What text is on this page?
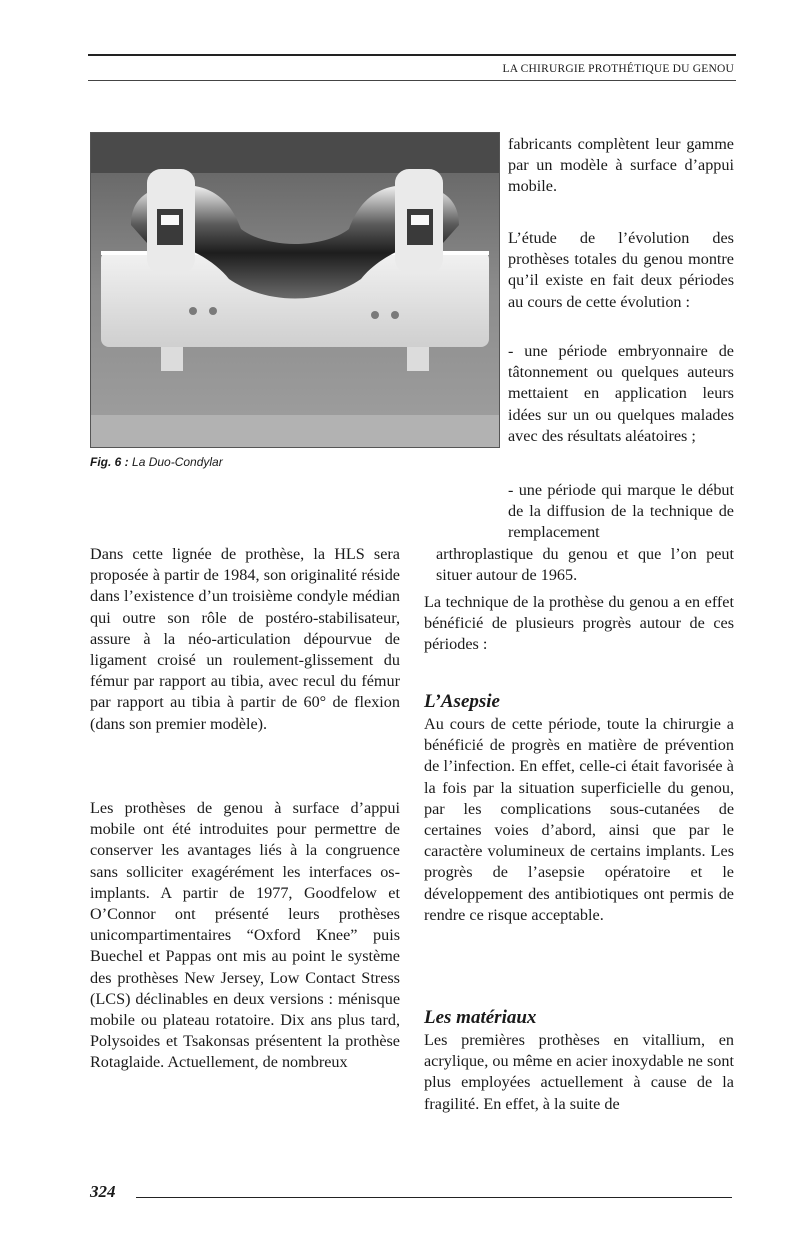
LA CHIRURGIE PROTHÉTIQUE DU GENOU
Fig. 6 : La Duo-Condylar

fabricants complètent leur gamme par un modèle à surface d’appui mobile.

L’étude de l’évolution des prothèses totales du genou montre qu’il existe en fait deux périodes au cours de cette évolution :

- une période embryonnaire de tâtonnement ou quelques auteurs mettaient en application leurs idées sur un ou quelques malades avec des résultats aléatoires ;

- une période qui marque le début de la diffusion de la technique de remplacement

arthroplastique du genou et que l’on peut situer autour de 1965.

La technique de la prothèse du genou a en effet bénéficié de plusieurs progrès autour de ces périodes :

Dans cette lignée de prothèse, la HLS sera proposée à partir de 1984, son originalité réside dans l’existence d’un troisième condyle médian qui outre son rôle de postéro-stabilisateur, assure à la néo-articulation dépourvue de ligament croisé un roulement-glissement du fémur par rapport au tibia, avec recul du fémur par rapport au tibia à partir de 60° de flexion (dans son premier modèle).

Les prothèses de genou à surface d’appui mobile ont été introduites pour permettre de conserver les avantages liés à la congruence sans solliciter exagérément les interfaces os-implants. A partir de 1977, Goodfelow et O’Connor ont présenté leurs prothèses unicompartimentaires “Oxford Knee” puis Buechel et Pappas ont mis au point le système des prothèses New Jersey, Low Contact Stress (LCS) déclinables en deux versions : ménisque mobile ou plateau rotatoire. Dix ans plus tard, Polysoides et Tsakonsas présentent la prothèse Rotaglaide. Actuellement, de nombreux

L’Asepsie

Au cours de cette période, toute la chirurgie a bénéficié de progrès en matière de prévention de l’infection. En effet, celle-ci était favorisée à la fois par la situation superficielle du genou, par les complications sous-cutanées de certaines voies d’abord, ainsi que par le caractère volumineux de certains implants. Les progrès de l’asepsie opératoire et le développement des antibiotiques ont permis de rendre ce risque acceptable.

Les matériaux

Les premières prothèses en vitallium, en acrylique, ou même en acier inoxydable ne sont plus employées actuellement à cause de la fragilité. En effet, à la suite de

324
